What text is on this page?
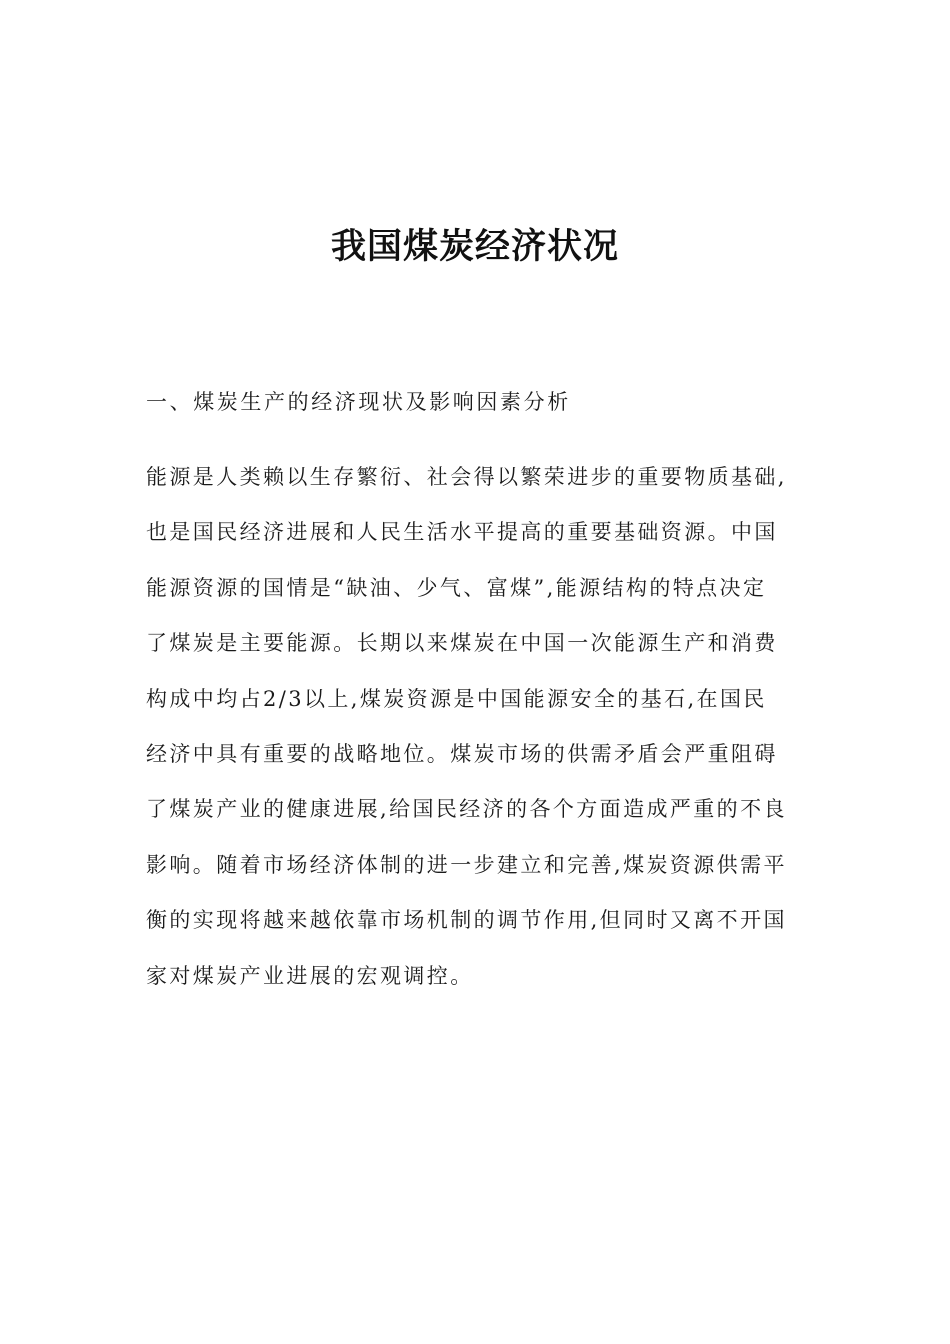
我国煤炭经济状况

一、煤炭生产的经济现状及影响因素分析

能源是人类赖以生存繁衍、社会得以繁荣进步的重要物质基础,
也是国民经济进展和人民生活水平提高的重要基础资源。中国
能源资源的国情是“缺油、少气、富煤”,能源结构的特点决定
了煤炭是主要能源。长期以来煤炭在中国一次能源生产和消费
构成中均占2/3以上,煤炭资源是中国能源安全的基石,在国民
经济中具有重要的战略地位。煤炭市场的供需矛盾会严重阻碍
了煤炭产业的健康进展,给国民经济的各个方面造成严重的不良
影响。随着市场经济体制的进一步建立和完善,煤炭资源供需平
衡的实现将越来越依靠市场机制的调节作用,但同时又离不开国
家对煤炭产业进展的宏观调控。
